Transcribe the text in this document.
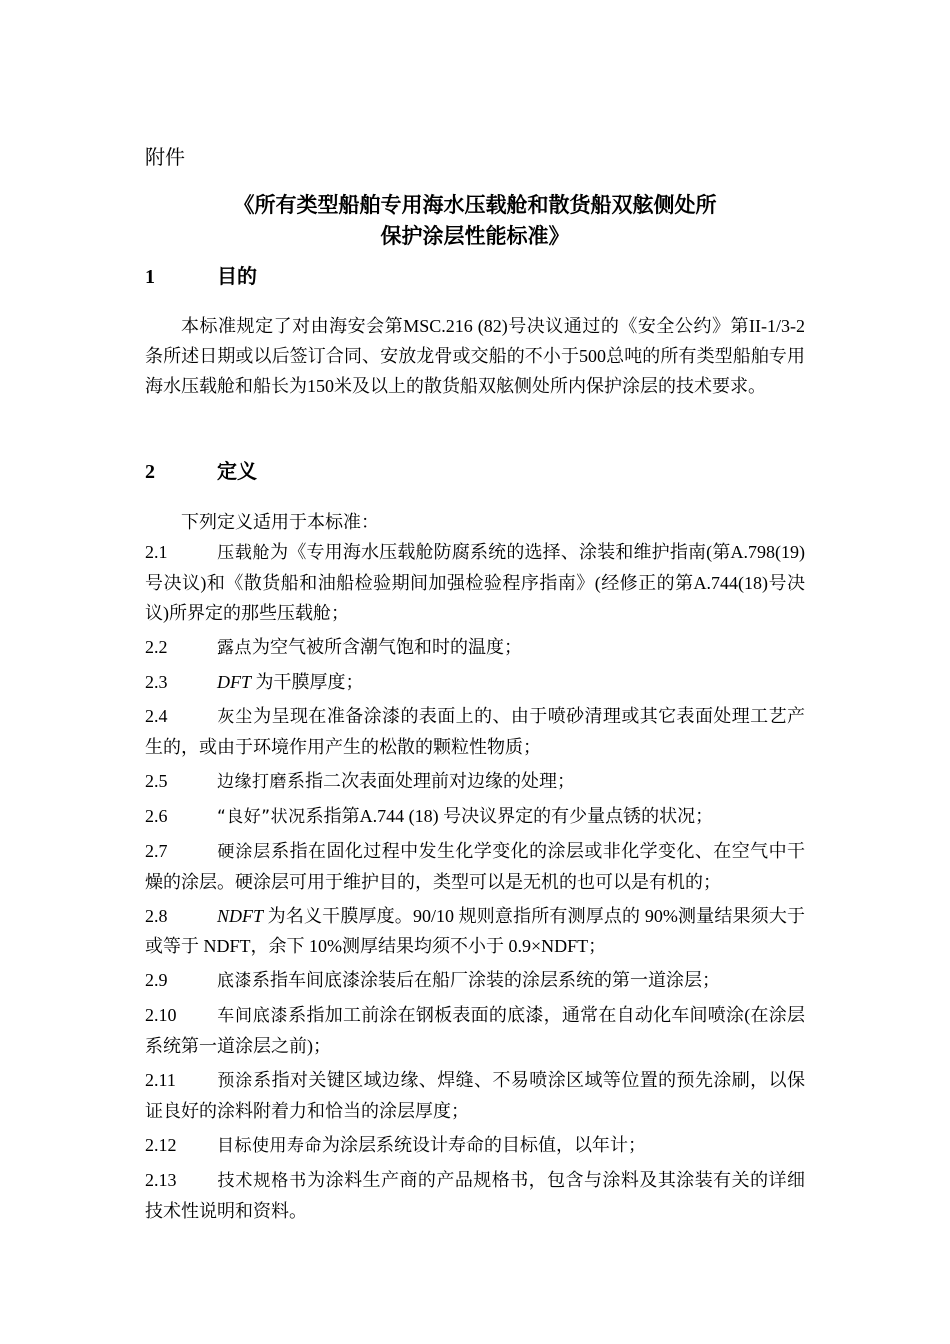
附件
《所有类型船舶专用海水压载舱和散货船双舷侧处所
保护涂层性能标准》
1	目的

本标准规定了对由海安会第MSC.216 (82)号决议通过的《安全公约》第II-1/3-2条所述日期或以后签订合同、安放龙骨或交船的不小于500总吨的所有类型船舶专用海水压载舱和船长为150米及以上的散货船双舷侧处所内保护涂层的技术要求。

2	定义

下列定义适用于本标准：

2.1	压载舱为《专用海水压载舱防腐系统的选择、涂装和维护指南(第A.798(19)号决议)和《散货船和油船检验期间加强检验程序指南》(经修正的第A.744(18)号决议)所界定的那些压载舱；
2.2	露点为空气被所含潮气饱和时的温度；
2.3	DFT 为干膜厚度；
2.4	灰尘为呈现在准备涂漆的表面上的、由于喷砂清理或其它表面处理工艺产生的，或由于环境作用产生的松散的颗粒性物质；
2.5	边缘打磨系指二次表面处理前对边缘的处理；
2.6	“良好”状况系指第A.744 (18) 号决议界定的有少量点锈的状况；
2.7	硬涂层系指在固化过程中发生化学变化的涂层或非化学变化、在空气中干燥的涂层。硬涂层可用于维护目的，类型可以是无机的也可以是有机的；
2.8	NDFT 为名义干膜厚度。90/10 规则意指所有测厚点的 90%测量结果须大于或等于 NDFT，余下 10%测厚结果均须不小于 0.9×NDFT；
2.9	底漆系指车间底漆涂装后在船厂涂装的涂层系统的第一道涂层；
2.10 车间底漆系指加工前涂在钢板表面的底漆，通常在自动化车间喷涂(在涂层系统第一道涂层之前)；
2.11 预涂系指对关键区域边缘、焊缝、不易喷涂区域等位置的预先涂刷，以保证良好的涂料附着力和恰当的涂层厚度；
2.12 目标使用寿命为涂层系统设计寿命的目标值，以年计；
2.13 技术规格书为涂料生产商的产品规格书，包含与涂料及其涂装有关的详细技术性说明和资料。
